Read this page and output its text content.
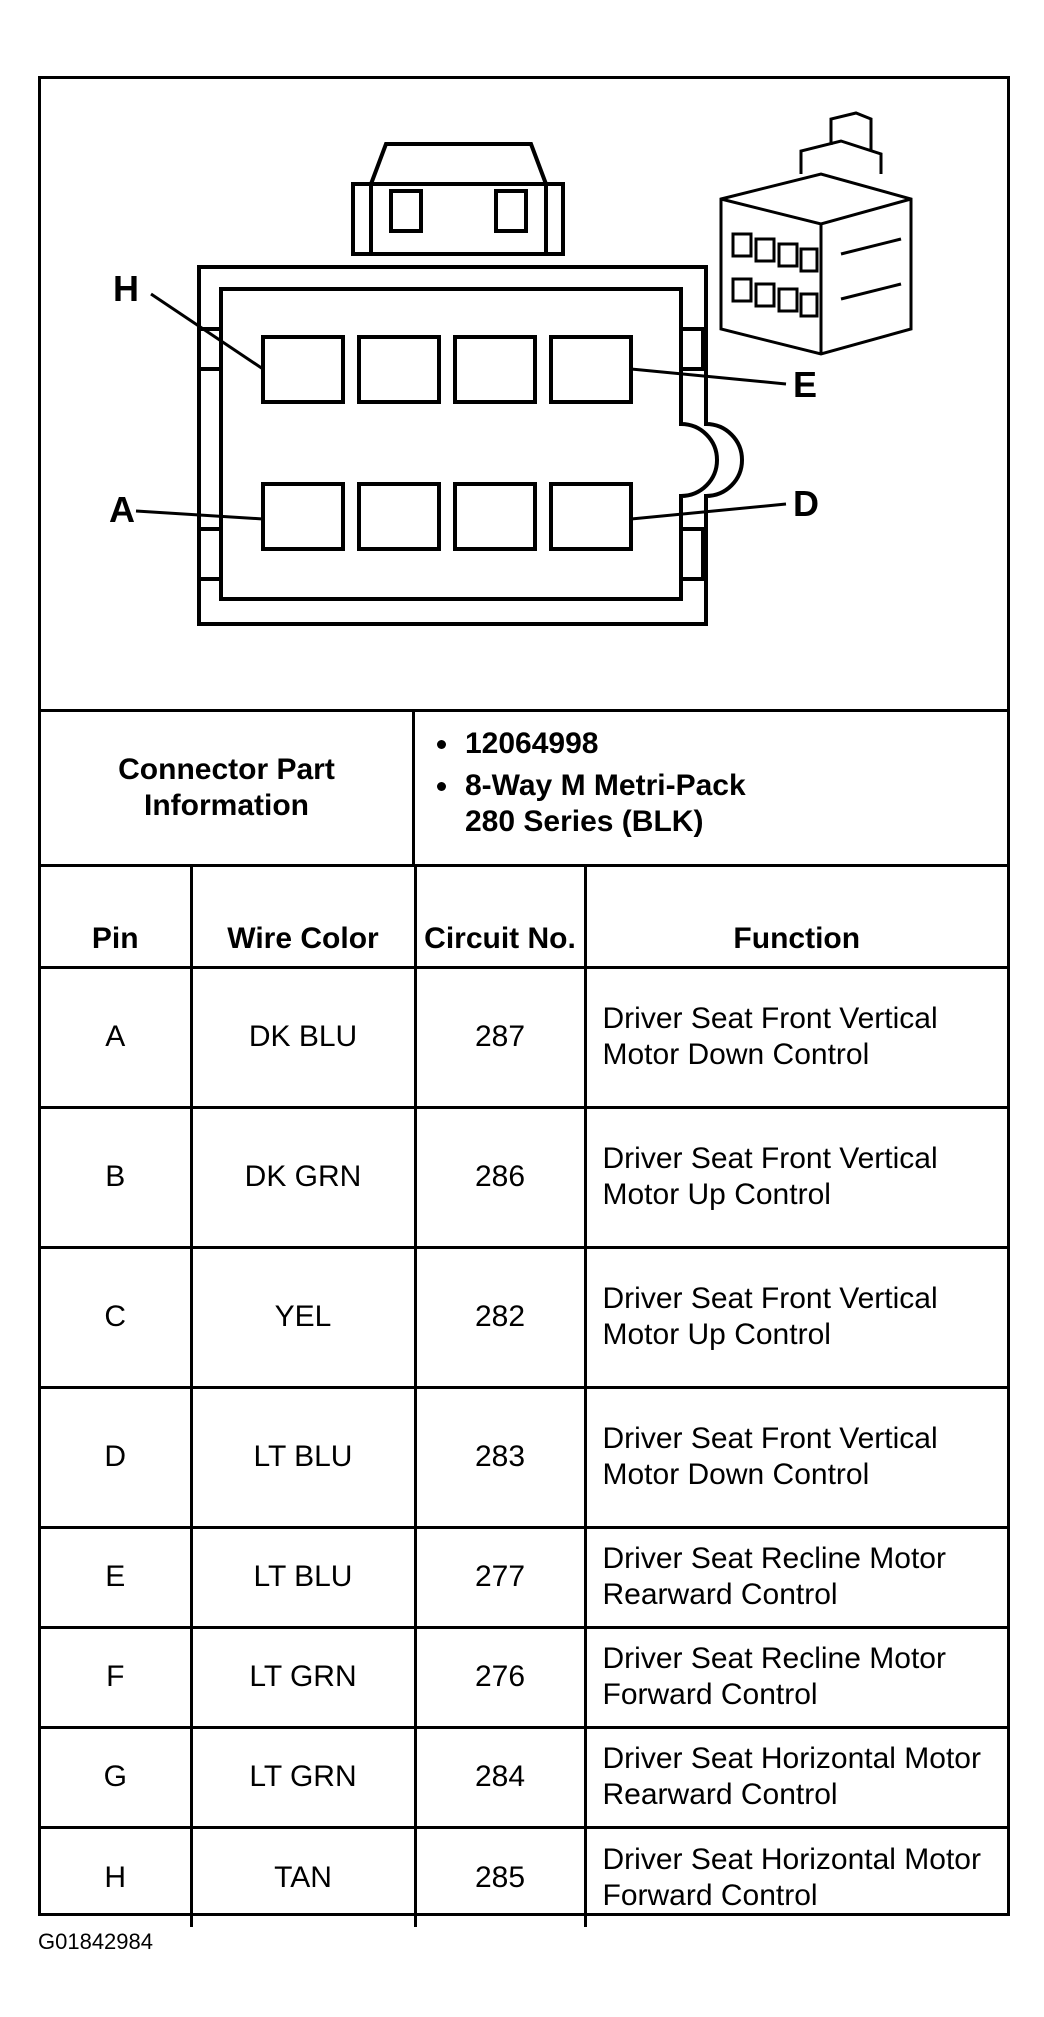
H
E
A	D
Connector Part Information
12064998
8-Way M Metri-Pack
280 Series (BLK)
Pin	Wire Color	Circuit No.	Function
A	DK BLU	287	Driver Seat Front Vertical Motor Down Control
B	DK GRN	286	Driver Seat Front Vertical Motor Up Control
C	YEL	282	Driver Seat Front Vertical Motor Up Control
D	LT BLU	283	Driver Seat Front Vertical Motor Down Control
E	LT BLU	277	Driver Seat Recline Motor Rearward Control
F	LT GRN	276	Driver Seat Recline Motor Forward Control
G	LT GRN	284	Driver Seat Horizontal Motor Rearward Control
H	TAN	285	Driver Seat Horizontal Motor Forward Control
G01842984
